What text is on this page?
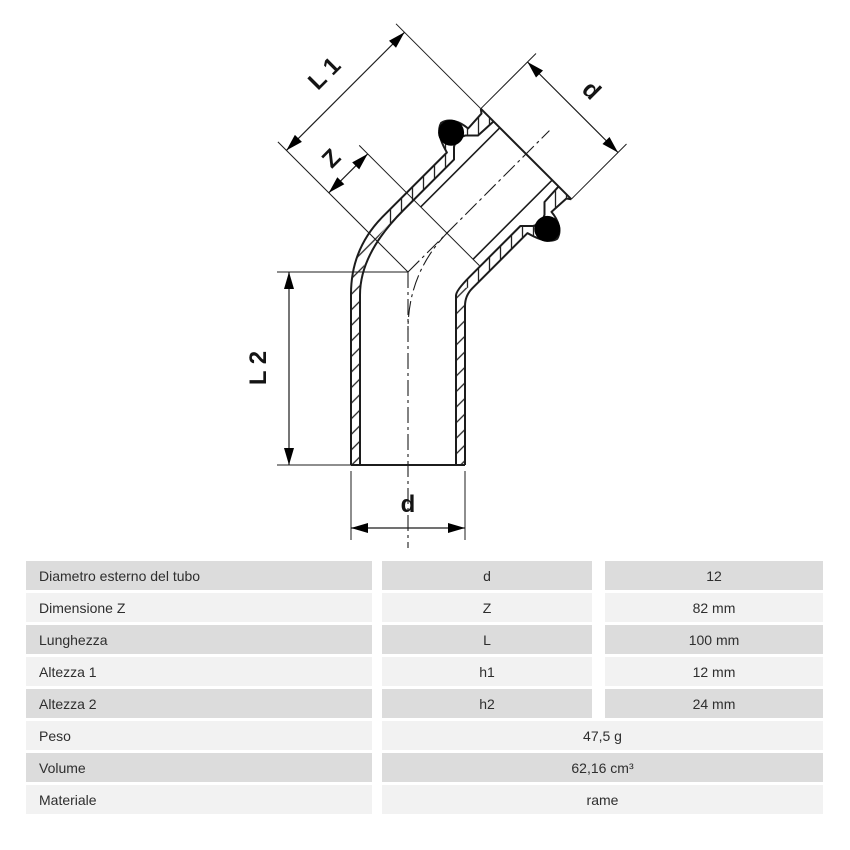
L 1
Z
d
L 2
d
Diametro esterno del tubo	d	12
Dimensione Z	Z	82 mm
Lunghezza	L	100 mm
Altezza 1	h1	12 mm
Altezza 2	h2	24 mm
Peso	47,5 g
Volume	62,16 cm³
Materiale	rame
